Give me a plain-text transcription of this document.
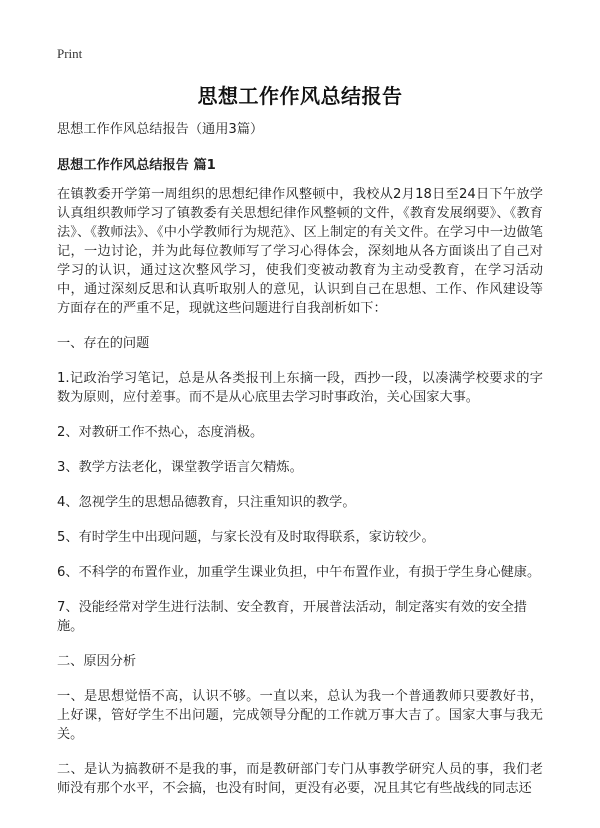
Print
思想工作作风总结报告

思想工作作风总结报告（通用3篇）

思想工作作风总结报告 篇1

在镇教委开学第一周组织的思想纪律作风整顿中，我校从2月18日至24日下午放学认真组织教师学习了镇教委有关思想纪律作风整顿的文件，《教育发展纲要》、《教育法》、《教师法》、《中小学教师行为规范》、区上制定的有关文件。在学习中一边做笔记，一边讨论，并为此每位教师写了学习心得体会，深刻地从各方面谈出了自己对学习的认识，通过这次整风学习，使我们变被动教育为主动受教育，在学习活动中，通过深刻反思和认真听取别人的意见，认识到自己在思想、工作、作风建设等方面存在的严重不足，现就这些问题进行自我剖析如下：

一、存在的问题

1.记政治学习笔记，总是从各类报刊上东摘一段，西抄一段，以凑满学校要求的字数为原则，应付差事。而不是从心底里去学习时事政治，关心国家大事。

2、对教研工作不热心，态度消极。

3、教学方法老化，课堂教学语言欠精炼。

4、忽视学生的思想品德教育，只注重知识的教学。

5、有时学生中出现问题，与家长没有及时取得联系，家访较少。

6、不科学的布置作业，加重学生课业负担，中午布置作业，有损于学生身心健康。

7、没能经常对学生进行法制、安全教育，开展普法活动，制定落实有效的安全措施。

二、原因分析

一、是思想觉悟不高，认识不够。一直以来，总认为我一个普通教师只要教好书，上好课，管好学生不出问题，完成领导分配的工作就万事大吉了。国家大事与我无关。

二、是认为搞教研不是我的事，而是教研部门专门从事教学研究人员的事，我们老师没有那个水平，不会搞，也没有时间，更没有必要，况且其它有些战线的同志还
